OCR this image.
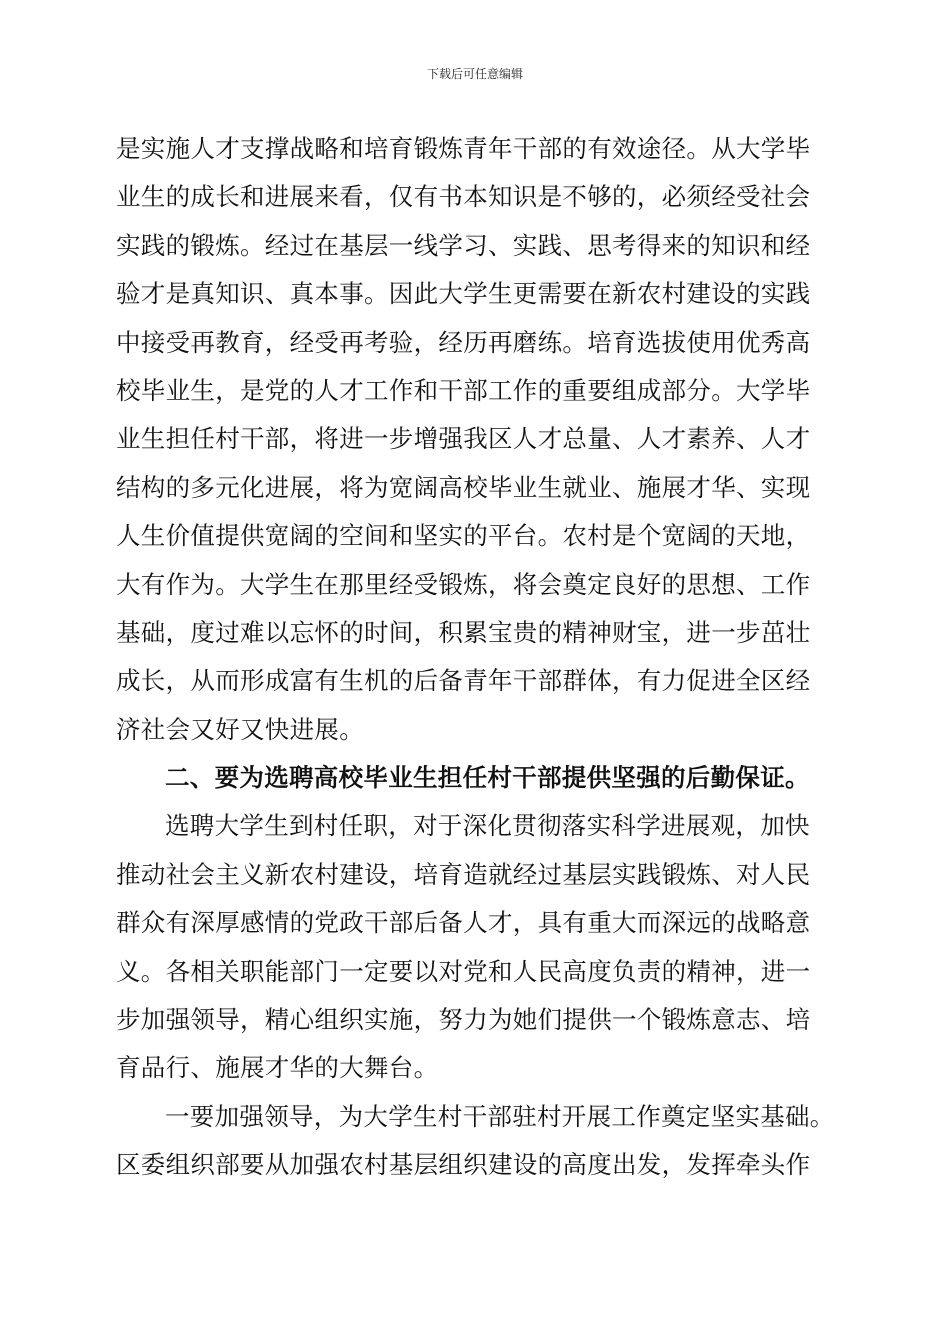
下载后可任意编辑
是实施人才支撑战略和培育锻炼青年干部的有效途径。从大学毕
业生的成长和进展来看，仅有书本知识是不够的，必须经受社会
实践的锻炼。经过在基层一线学习、实践、思考得来的知识和经
验才是真知识、真本事。因此大学生更需要在新农村建设的实践
中接受再教育，经受再考验，经历再磨练。培育选拔使用优秀高
校毕业生，是党的人才工作和干部工作的重要组成部分。大学毕
业生担任村干部，将进一步增强我区人才总量、人才素养、人才
结构的多元化进展，将为宽阔高校毕业生就业、施展才华、实现
人生价值提供宽阔的空间和坚实的平台。农村是个宽阔的天地，
大有作为。大学生在那里经受锻炼，将会奠定良好的思想、工作
基础，度过难以忘怀的时间，积累宝贵的精神财宝，进一步茁壮
成长，从而形成富有生机的后备青年干部群体，有力促进全区经
济社会又好又快进展。
二、要为选聘高校毕业生担任村干部提供坚强的后勤保证。
选聘大学生到村任职，对于深化贯彻落实科学进展观，加快
推动社会主义新农村建设，培育造就经过基层实践锻炼、对人民
群众有深厚感情的党政干部后备人才，具有重大而深远的战略意
义。各相关职能部门一定要以对党和人民高度负责的精神，进一
步加强领导，精心组织实施，努力为她们提供一个锻炼意志、培
育品行、施展才华的大舞台。
一要加强领导，为大学生村干部驻村开展工作奠定坚实基础。
区委组织部要从加强农村基层组织建设的高度出发，发挥牵头作
